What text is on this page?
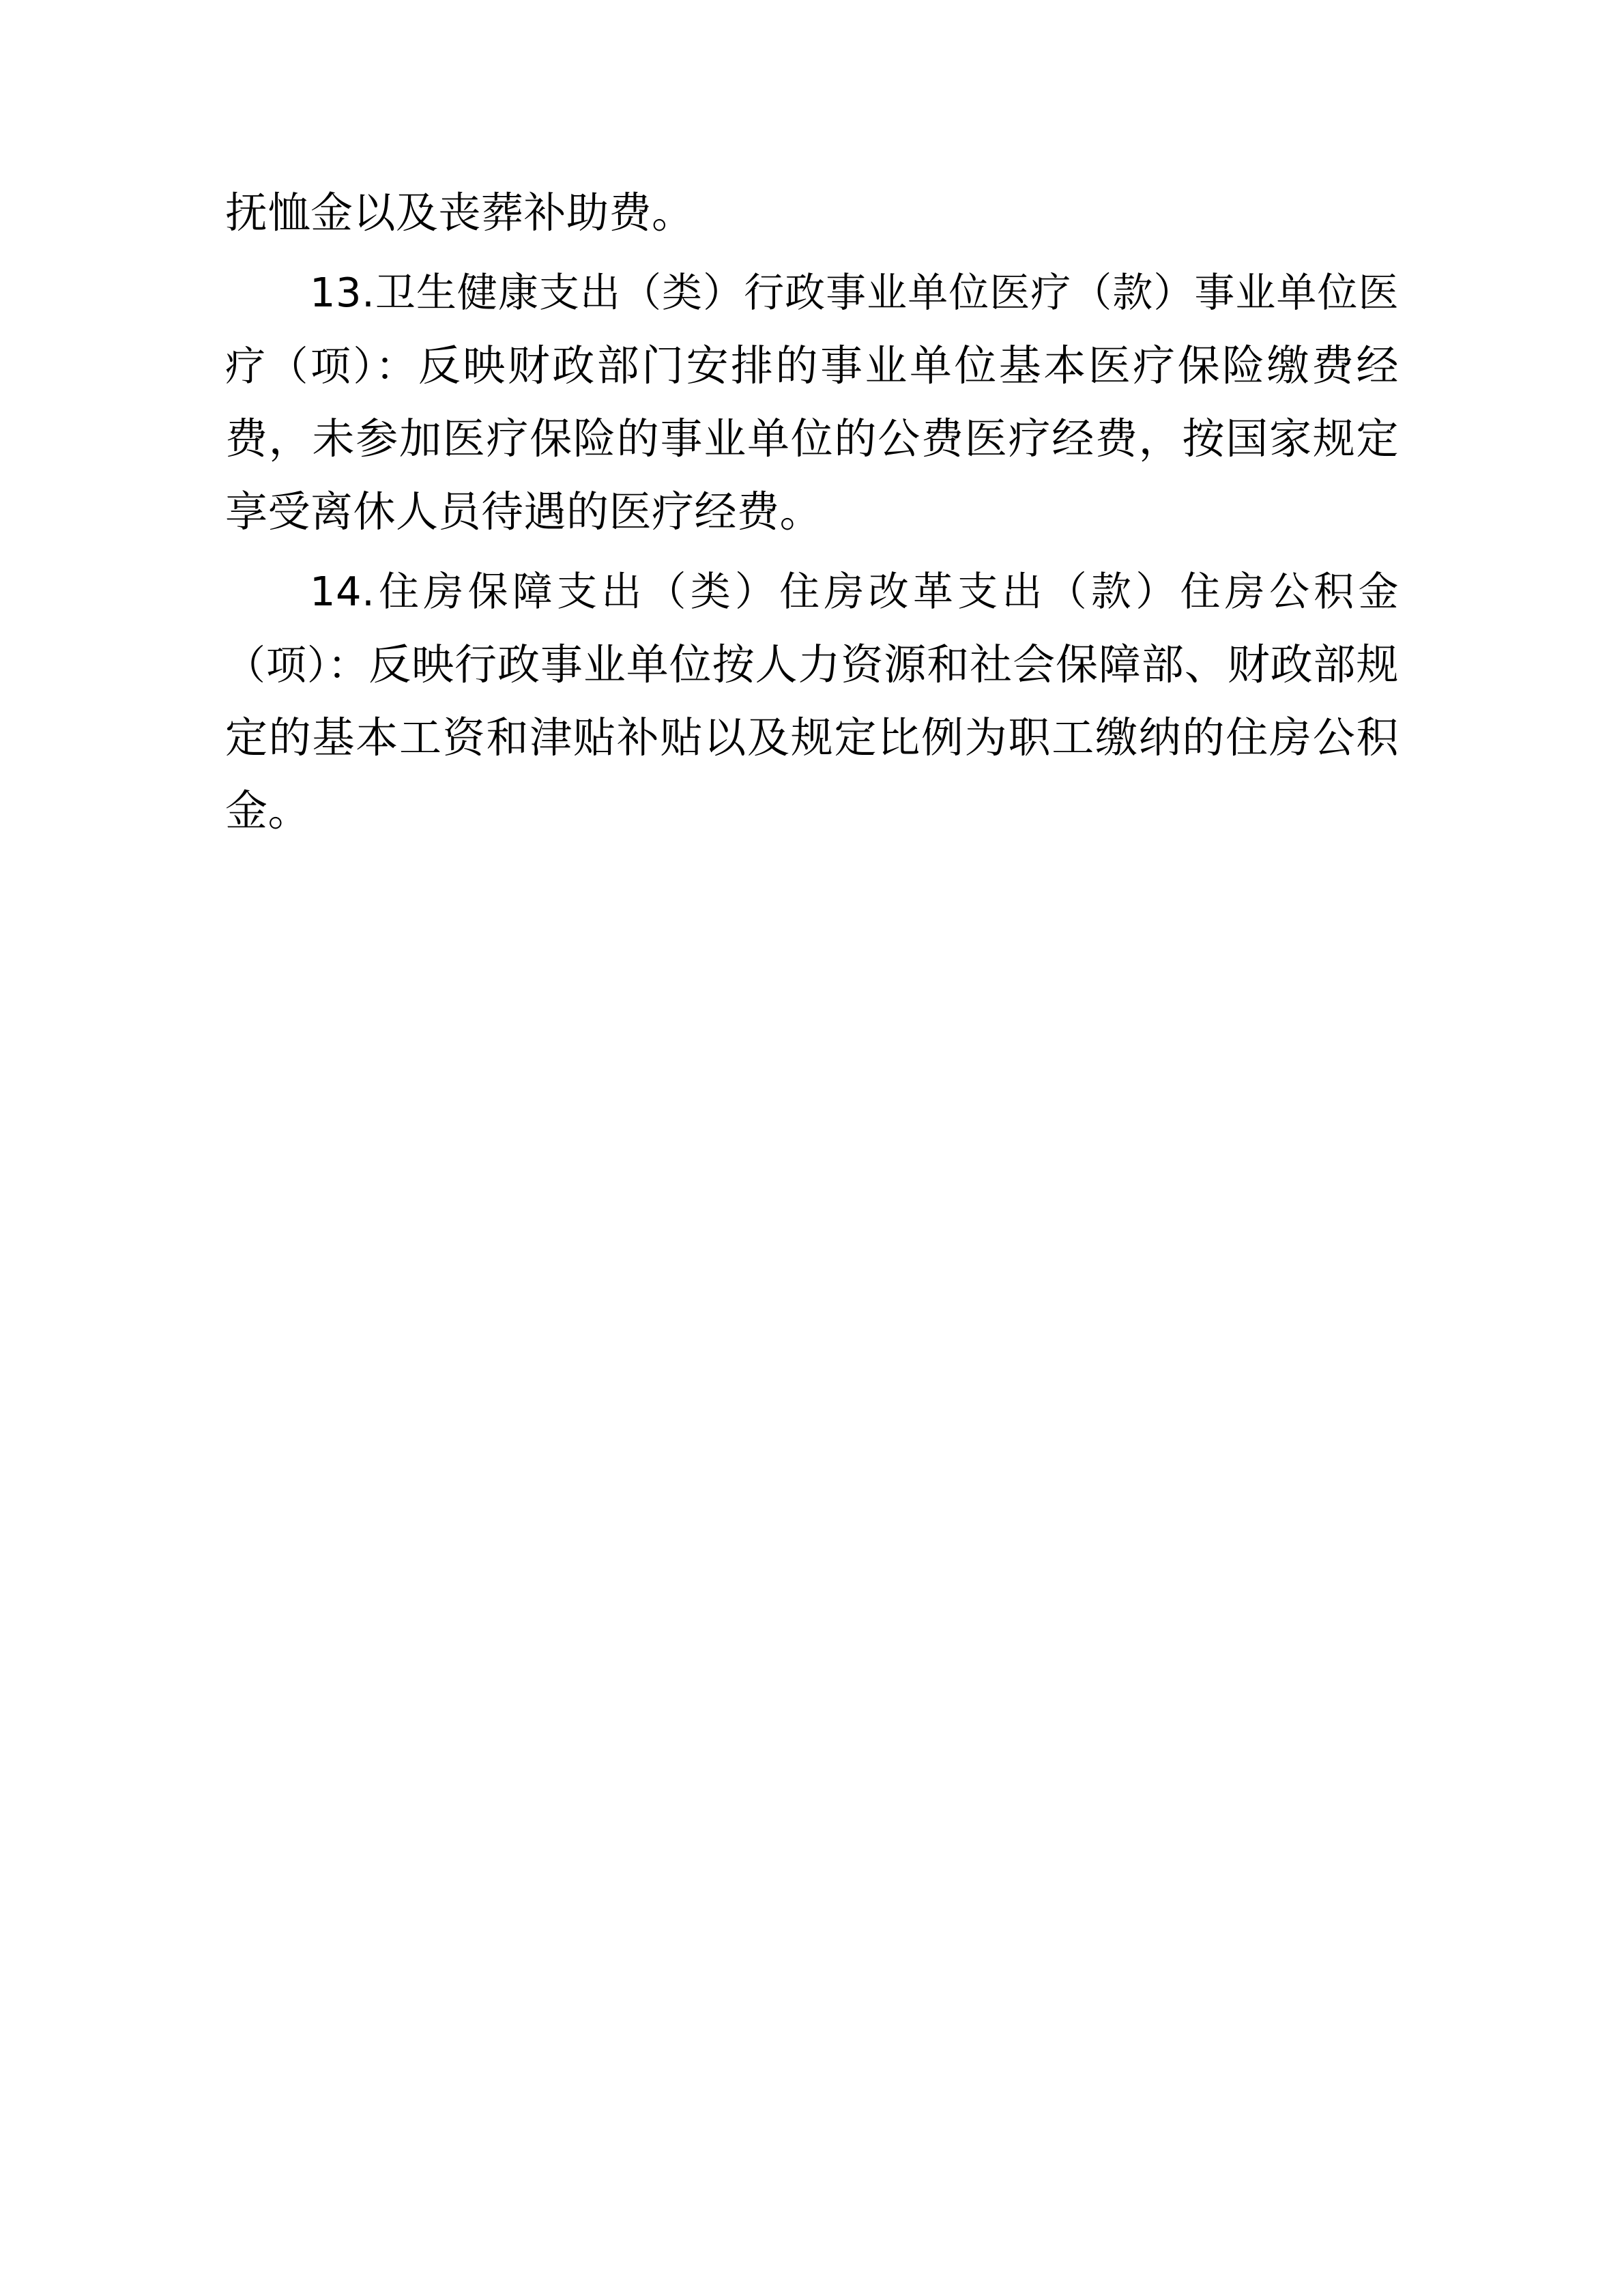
抚恤金以及丧葬补助费。

13.卫生健康支出（类）行政事业单位医疗（款）事业单位医疗（项）：反映财政部门安排的事业单位基本医疗保险缴费经费，未参加医疗保险的事业单位的公费医疗经费，按国家规定享受离休人员待遇的医疗经费。

14.住房保障支出（类）住房改革支出（款）住房公积金（项）：反映行政事业单位按人力资源和社会保障部、财政部规定的基本工资和津贴补贴以及规定比例为职工缴纳的住房公积金。
